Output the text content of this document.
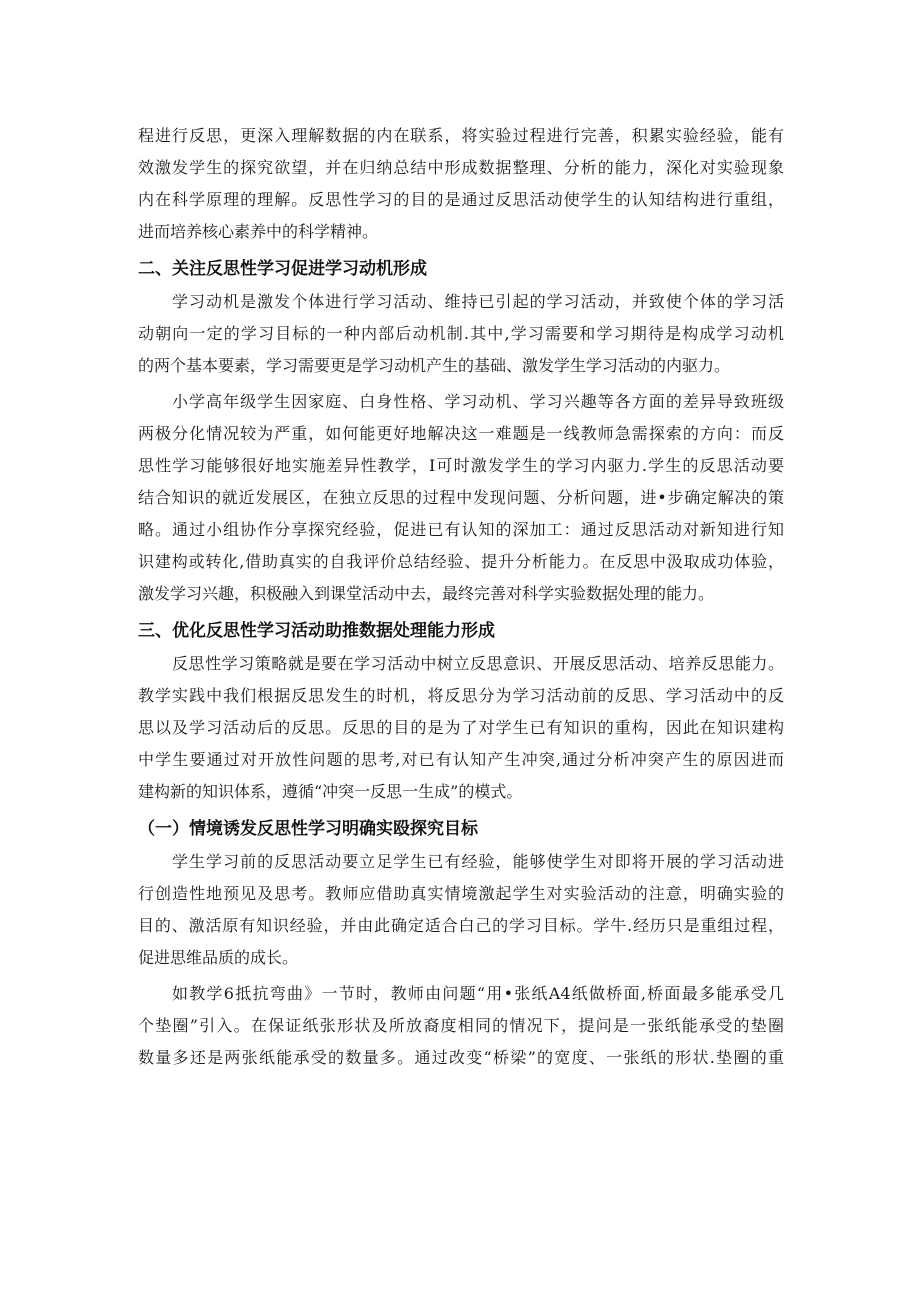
程进行反思，更深入理解数据的内在联系，将实验过程进行完善，积累实验经验，能有

效激发学生的探究欲望，并在归纳总结中形成数据整理、分析的能力，深化对实验现象

内在科学原理的理解。反思性学习的目的是通过反思活动使学生的认知结构进行重组，

进而培养核心素养中的科学精神。

二、关注反思性学习促进学习动机形成

学习动机是激发个体进行学习活动、维持已引起的学习活动，并致使个体的学习活

动朝向一定的学习目标的一种内部后动机制.其中,学习需要和学习期待是构成学习动机

的两个基本要素，学习需要更是学习动机产生的基础、激发学生学习活动的内驱力。

小学高年级学生因家庭、白身性格、学习动机、学习兴趣等各方面的差异导致班级

两极分化情况较为严重，如何能更好地解决这一难题是一线教师急需探索的方向：而反

思性学习能够很好地实施差异性教学，I可时激发学生的学习内驱力.学生的反思活动要

结合知识的就近发展区，在独立反思的过程中发现问题、分析问题，进•步确定解决的策

略。通过小组协作分享探究经验，促进已有认知的深加工：通过反思活动对新知进行知

识建构或转化,借助真实的自我评价总结经验、提升分析能力。在反思中汲取成功体验，

激发学习兴趣，积极融入到课堂活动中去，最终完善对科学实验数据处理的能力。

三、优化反思性学习活动助推数据处理能力形成

反思性学习策略就是要在学习活动中树立反思意识、开展反思活动、培养反思能力。

教学实践中我们根据反思发生的时机，将反思分为学习活动前的反思、学习活动中的反

思以及学习活动后的反思。反思的目的是为了对学生已有知识的重构，因此在知识建构

中学生要通过对开放性问题的思考,对已有认知产生冲突,通过分析冲突产生的原因进而

建构新的知识体系，遵循“冲突一反思一生成”的模式。

（一）情境诱发反思性学习明确实殴探究目标

学生学习前的反思活动要立足学生已有经验，能够使学生对即将开展的学习活动进

行创造性地预见及思考。教师应借助真实情境激起学生对实验活动的注意，明确实验的

目的、激活原有知识经验，并由此确定适合白己的学习目标。学牛.经历只是重组过程，

促进思维品质的成长。

如教学6抵抗弯曲》一节时，教师由问题“用•张纸A4纸做桥面,桥面最多能承受几

个垫圈”引入。在保证纸张形状及所放裔度相同的情况下，提问是一张纸能承受的垫圈

数量多还是两张纸能承受的数量多。通过改变“桥梁”的宽度、一张纸的形状.垫圈的重
